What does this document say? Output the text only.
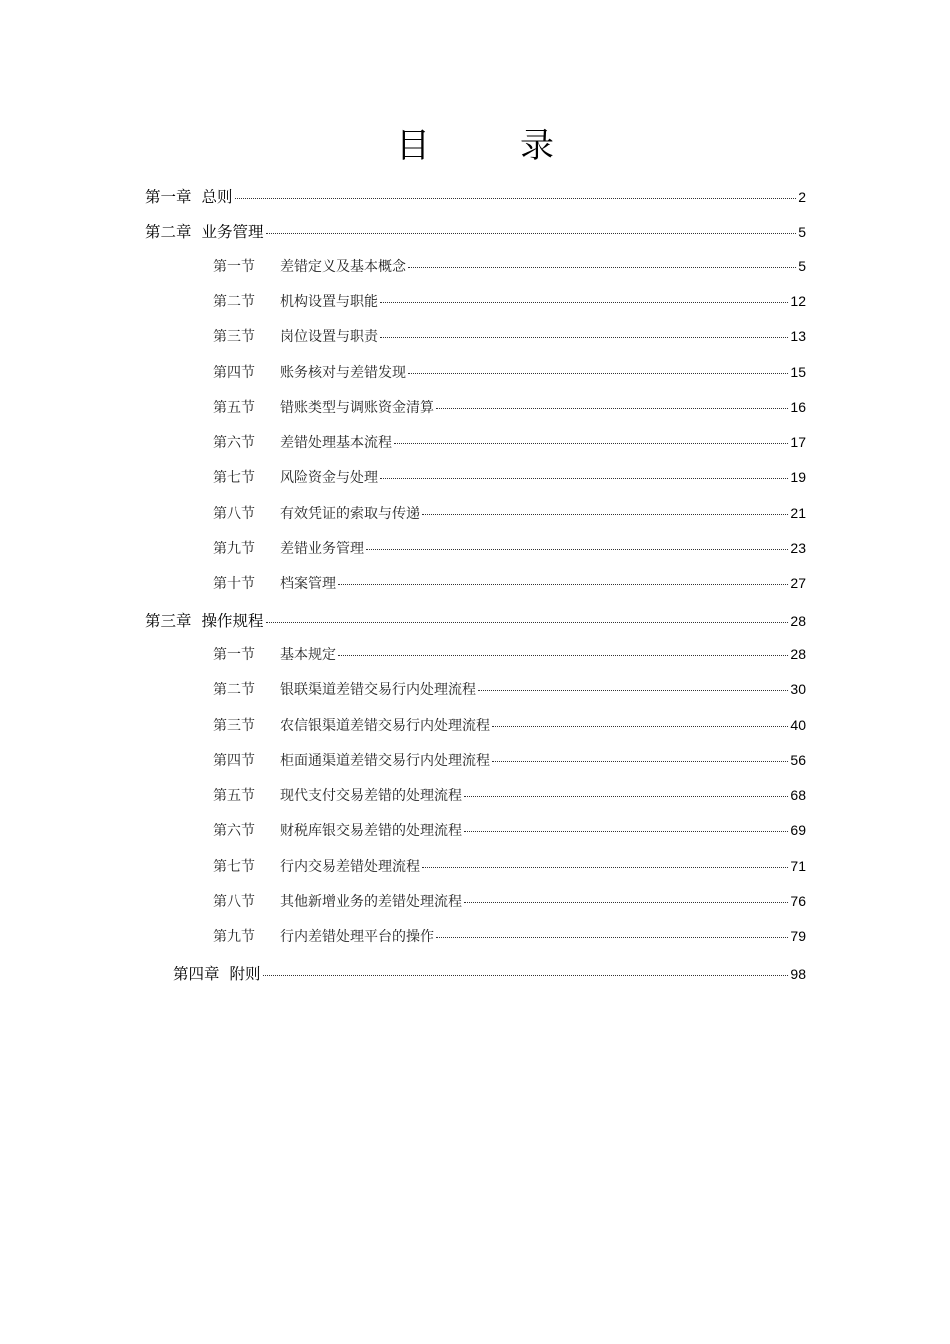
目　录
第一章 总则	2
第二章 业务管理	5
第一节	差错定义及基本概念	5
第二节	机构设置与职能	12
第三节	岗位设置与职责	13
第四节	账务核对与差错发现	15
第五节	错账类型与调账资金清算	16
第六节	差错处理基本流程	17
第七节	风险资金与处理	19
第八节	有效凭证的索取与传递	21
第九节	差错业务管理	23
第十节	档案管理	27
第三章 操作规程	28
第一节	基本规定	28
第二节	银联渠道差错交易行内处理流程	30
第三节	农信银渠道差错交易行内处理流程	40
第四节	柜面通渠道差错交易行内处理流程	56
第五节	现代支付交易差错的处理流程	68
第六节	财税库银交易差错的处理流程	69
第七节	行内交易差错处理流程	71
第八节	其他新增业务的差错处理流程	76
第九节	行内差错处理平台的操作	79
第四章 附则	98
